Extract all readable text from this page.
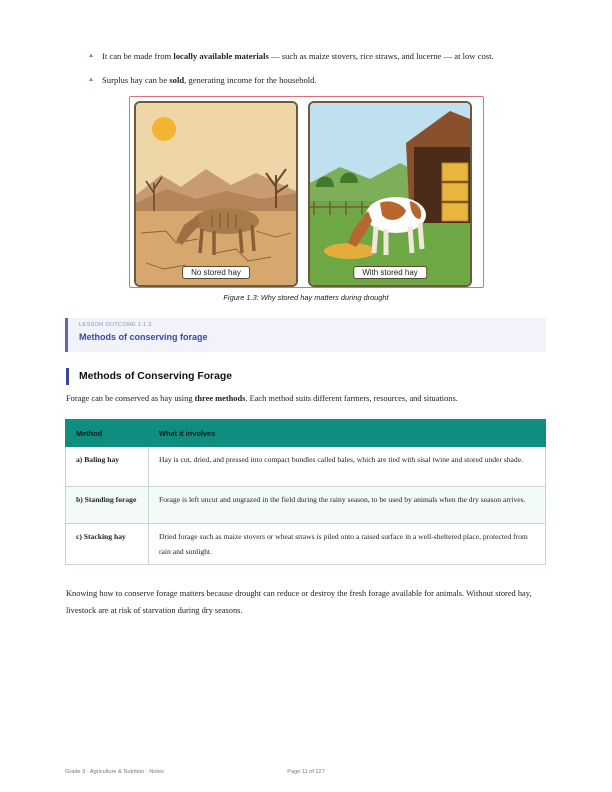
▲ It can be made from locally available materials — such as maize stovers, rice straws, and lucerne — at low cost.
▲ Surplus hay can be sold, generating income for the household.
No stored hay	With stored hay
Figure 1.3: Why stored hay matters during drought
LESSON OUTCOME 1.1.2
Methods of conserving forage
Methods of Conserving Forage
Forage can be conserved as hay using three methods. Each method suits different farmers, resources, and situations.
Method	What it involves
a) Baling hay	Hay is cut, dried, and pressed into compact bundles called bales, which are tied with sisal twine and stored under shade.
b) Standing forage	Forage is left uncut and ungrazed in the field during the rainy season, to be used by animals when the dry season arrives.
c) Stacking hay	Dried forage such as maize stovers or wheat straws is piled onto a raised surface in a well-sheltered place, protected from rain and sunlight.
Knowing how to conserve forage matters because drought can reduce or destroy the fresh forage available for animals. Without stored hay, livestock are at risk of starvation during dry seasons.
Grade 9 · Agriculture & Nutrition · Notes	Page 11 of 127
